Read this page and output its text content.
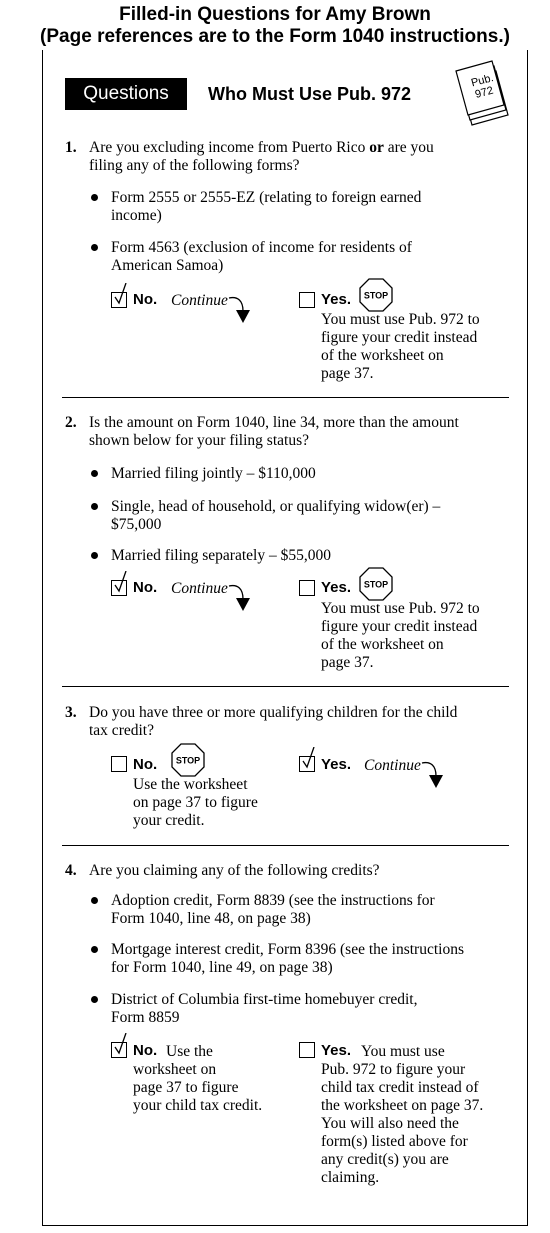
Filled-in Questions for Amy Brown
(Page references are to the Form 1040 instructions.)
Questions	Who Must Use Pub. 972
Pub.
972
1. Are you excluding income from Puerto Rico or are you
filing any of the following forms?
Form 2555 or 2555-EZ (relating to foreign earned
income)
Form 4563 (exclusion of income for residents of
American Samoa)
No. Continue	Yes. STOP
You must use Pub. 972 to
figure your credit instead
of the worksheet on
page 37.
2. Is the amount on Form 1040, line 34, more than the amount
shown below for your filing status?
Married filing jointly – $110,000
Single, head of household, or qualifying widow(er) –
$75,000
Married filing separately – $55,000
No. Continue	Yes. STOP
You must use Pub. 972 to
figure your credit instead
of the worksheet on
page 37.
3. Do you have three or more qualifying children for the child
tax credit?
No. STOP
Use the worksheet
on page 37 to figure
your credit.
Yes. Continue
4. Are you claiming any of the following credits?
Adoption credit, Form 8839 (see the instructions for
Form 1040, line 48, on page 38)
Mortgage interest credit, Form 8396 (see the instructions
for Form 1040, line 49, on page 38)
District of Columbia first-time homebuyer credit,
Form 8859
No. Use the
worksheet on
page 37 to figure
your child tax credit.
Yes. You must use
Pub. 972 to figure your
child tax credit instead of
the worksheet on page 37.
You will also need the
form(s) listed above for
any credit(s) you are
claiming.
